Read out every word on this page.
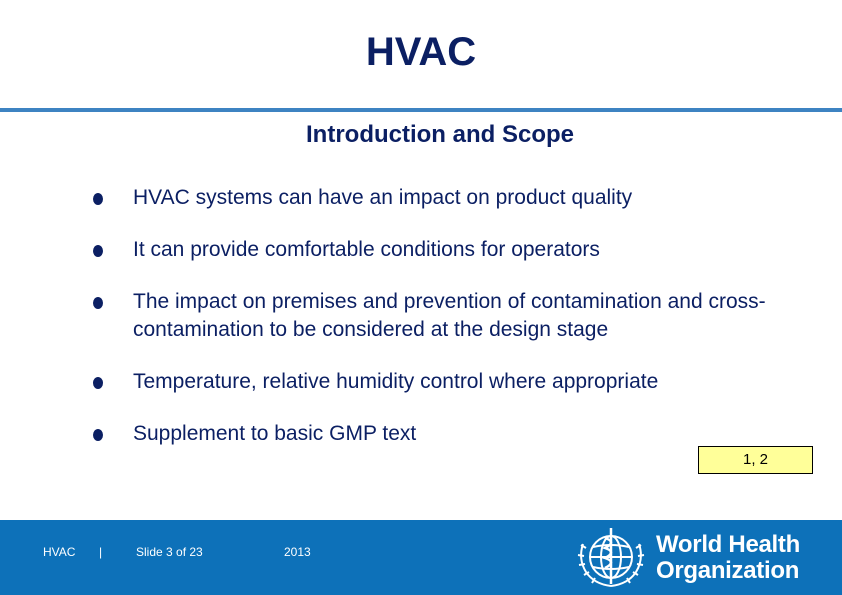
HVAC
Introduction and Scope
HVAC systems can have an impact on product quality
It can provide comfortable conditions for operators
The impact on premises and prevention of contamination and cross-contamination to be considered at the design stage
Temperature, relative humidity control where appropriate
Supplement to basic GMP text
1, 2
HVAC |	Slide 3 of 23	2013	World Health
Organization
